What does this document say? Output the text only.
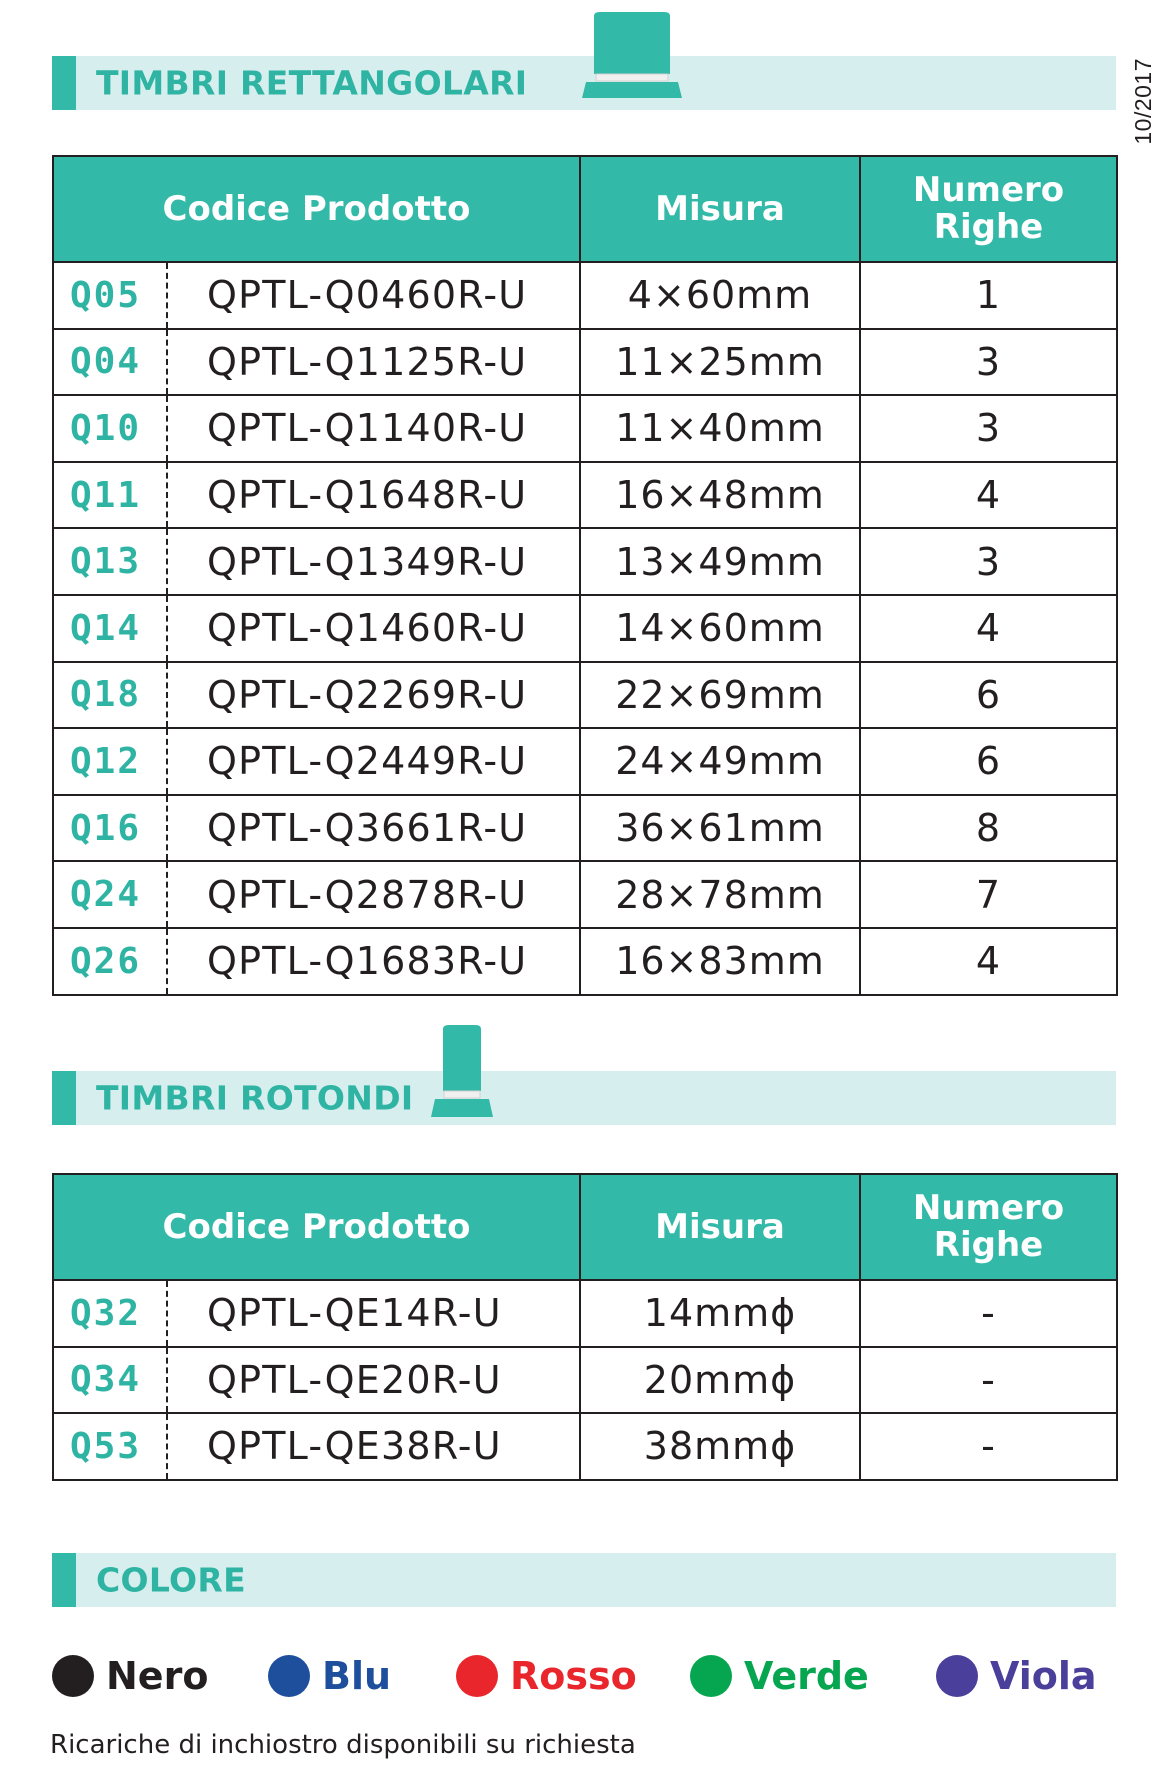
10/2017
TIMBRI RETTANGOLARI
Codice Prodotto	Misura	Numero Righe

Q05 QPTL-Q0460R-U	4×60mm	1

Q04 QPTL-Q1125R-U	11×25mm	3

Q10 QPTL-Q1140R-U	11×40mm	3

Q11 QPTL-Q1648R-U	16×48mm	4

Q13 QPTL-Q1349R-U	13×49mm	3

Q14 QPTL-Q1460R-U	14×60mm	4

Q18 QPTL-Q2269R-U	22×69mm	6

Q12 QPTL-Q2449R-U	24×49mm	6

Q16 QPTL-Q3661R-U	36×61mm	8

Q24 QPTL-Q2878R-U	28×78mm	7

Q26 QPTL-Q1683R-U	16×83mm	4
TIMBRI ROTONDI
Codice Prodotto	Misura	Numero Righe

Q32 QPTL-QE14R-U	14mmϕ	-

Q34 QPTL-QE20R-U	20mmϕ	-

Q53 QPTL-QE38R-U	38mmϕ	-
COLORE
Nero	Blu	Rosso	Verde	Viola
Ricariche di inchiostro disponibili su richiesta
